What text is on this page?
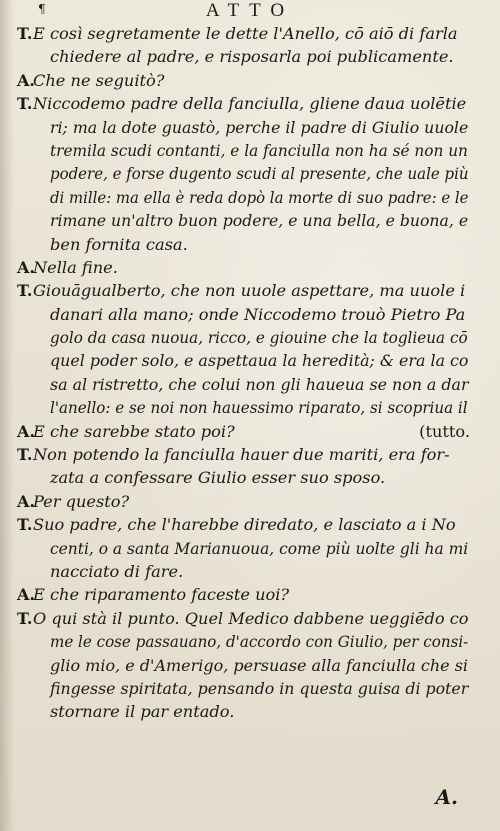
¶	ATTO
T. E così segretamente le dette l'Anello, cō aiō di farla
chiedere al padre, e risposarla poi publicamente.
A.
Che ne seguitò?
T. Niccodemo padre della fanciulla, gliene daua uolētie
ri; ma la dote guastò, perche il padre di Giulio uuole
tremila scudi contanti, e la fanciulla non ha sé non un
podere, e forse dugento scudi al presente, che uale più
di mille: ma ella è reda dopò la morte di suo padre: e le
rimane un'altro buon podere, e una bella, e buona, e
ben fornita casa.
A.
Nella fine.
T. Giouāgualberto, che non uuole aspettare, ma uuole i
danari alla mano; onde Niccodemo trouò Pietro Pa
golo da casa nuoua, ricco, e giouine che la toglieua cō
quel poder solo, e aspettaua la heredità; & era la co
sa al ristretto, che colui non gli haueua se non a dar
l'anello: e se noi non hauessimo riparato, si scopriua il
A.
E che sarebbe stato poi?	(tutto.
T. Non potendo la fanciulla hauer due mariti, era for-
zata a confessare Giulio esser suo sposo.
A.
Per questo?
T. Suo padre, che l'harebbe diredato, e lasciato a i No
centi, o a santa Marianuoua, come più uolte gli ha mi
nacciato di fare.
A.
E che riparamento faceste uoi?
T. O qui stà il punto. Quel Medico dabbene ueggiēdo co
me le cose passauano, d'accordo con Giulio, per consi-
glio mio, e d'Amerigo, persuase alla fanciulla che si
fingesse spiritata, pensando in questa guisa di poter
stornare il par entado.
A.
